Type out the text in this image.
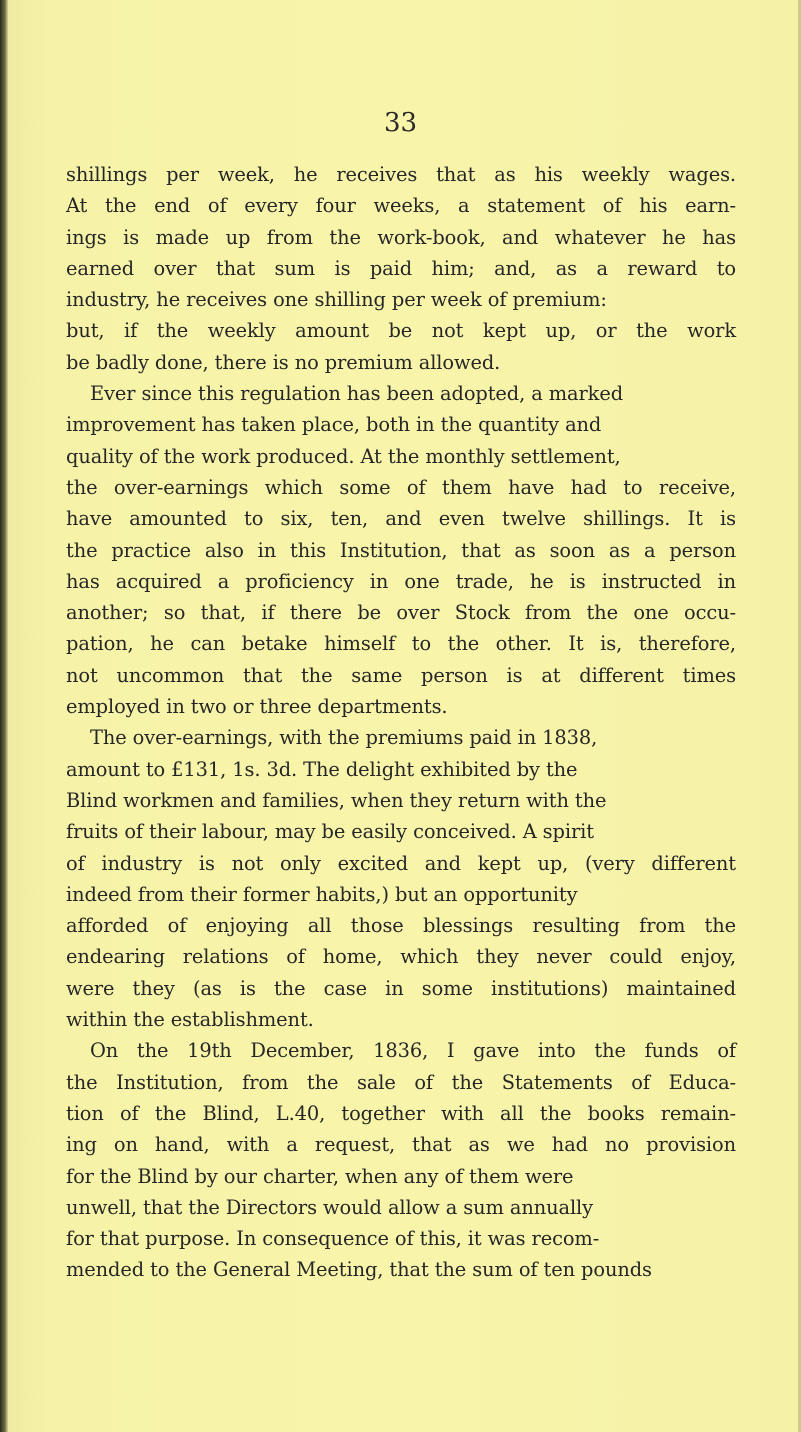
33
shillings per week, he receives that as his weekly wages.
At the end of every four weeks, a statement of his earn-
ings is made up from the work-book, and whatever he has
earned over that sum is paid him; and, as a reward to
industry, he receives one shilling per week of premium:
but, if the weekly amount be not kept up, or the work
be badly done, there is no premium allowed.
Ever since this regulation has been adopted, a marked
improvement has taken place, both in the quantity and
quality of the work produced. At the monthly settlement,
the over-earnings which some of them have had to receive,
have amounted to six, ten, and even twelve shillings. It is
the practice also in this Institution, that as soon as a person
has acquired a proficiency in one trade, he is instructed in
another; so that, if there be over Stock from the one occu-
pation, he can betake himself to the other. It is, therefore,
not uncommon that the same person is at different times
employed in two or three departments.
The over-earnings, with the premiums paid in 1838,
amount to £131, 1s. 3d. The delight exhibited by the
Blind workmen and families, when they return with the
fruits of their labour, may be easily conceived. A spirit
of industry is not only excited and kept up, (very different
indeed from their former habits,) but an opportunity
afforded of enjoying all those blessings resulting from the
endearing relations of home, which they never could enjoy,
were they (as is the case in some institutions) maintained
within the establishment.
On the 19th December, 1836, I gave into the funds of
the Institution, from the sale of the Statements of Educa-
tion of the Blind, L.40, together with all the books remain-
ing on hand, with a request, that as we had no provision
for the Blind by our charter, when any of them were
unwell, that the Directors would allow a sum annually
for that purpose. In consequence of this, it was recom-
mended to the General Meeting, that the sum of ten pounds
